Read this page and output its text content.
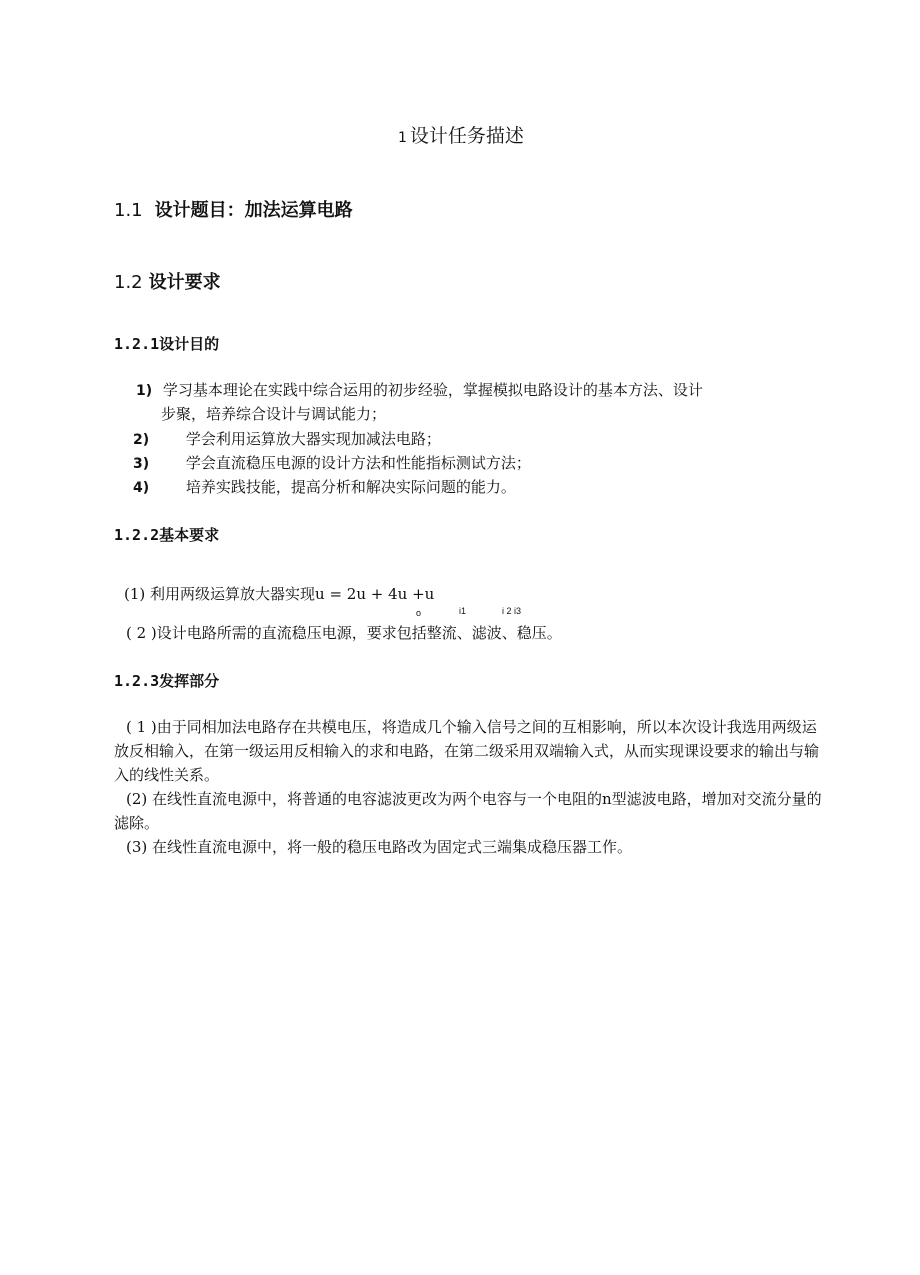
1 设计任务描述
1.1 设计题目：加法运算电路
1.2 设计要求
1.2.1设计目的
1) 学习基本理论在实践中综合运用的初步经验，掌握模拟电路设计的基本方法、设计
步聚，培养综合设计与调试能力；
2) 学会利用运算放大器实现加减法电路；
3) 学会直流稳压电源的设计方法和性能指标测试方法；
4) 培养实践技能，提高分析和解决实际问题的能力。
1.2.2基本要求
(1) 利用两级运算放大器实现u = 2u + 4u +u
o	i1	i 2 i3
( 2 )设计电路所需的直流稳压电源，要求包括整流、滤波、稳压。
1.2.3发挥部分
( 1 )由于同相加法电路存在共模电压，将造成几个输入信号之间的互相影响，所以本次设计我选用两级运放反相输入，在第一级运用反相输入的求和电路，在第二级采用双端输入式，从而实现课设要求的输出与输入的线性关系。
(2) 在线性直流电源中，将普通的电容滤波更改为两个电容与一个电阻的n型滤波电路，增加对交流分量的滤除。
(3) 在线性直流电源中，将一般的稳压电路改为固定式三端集成稳压器工作。
